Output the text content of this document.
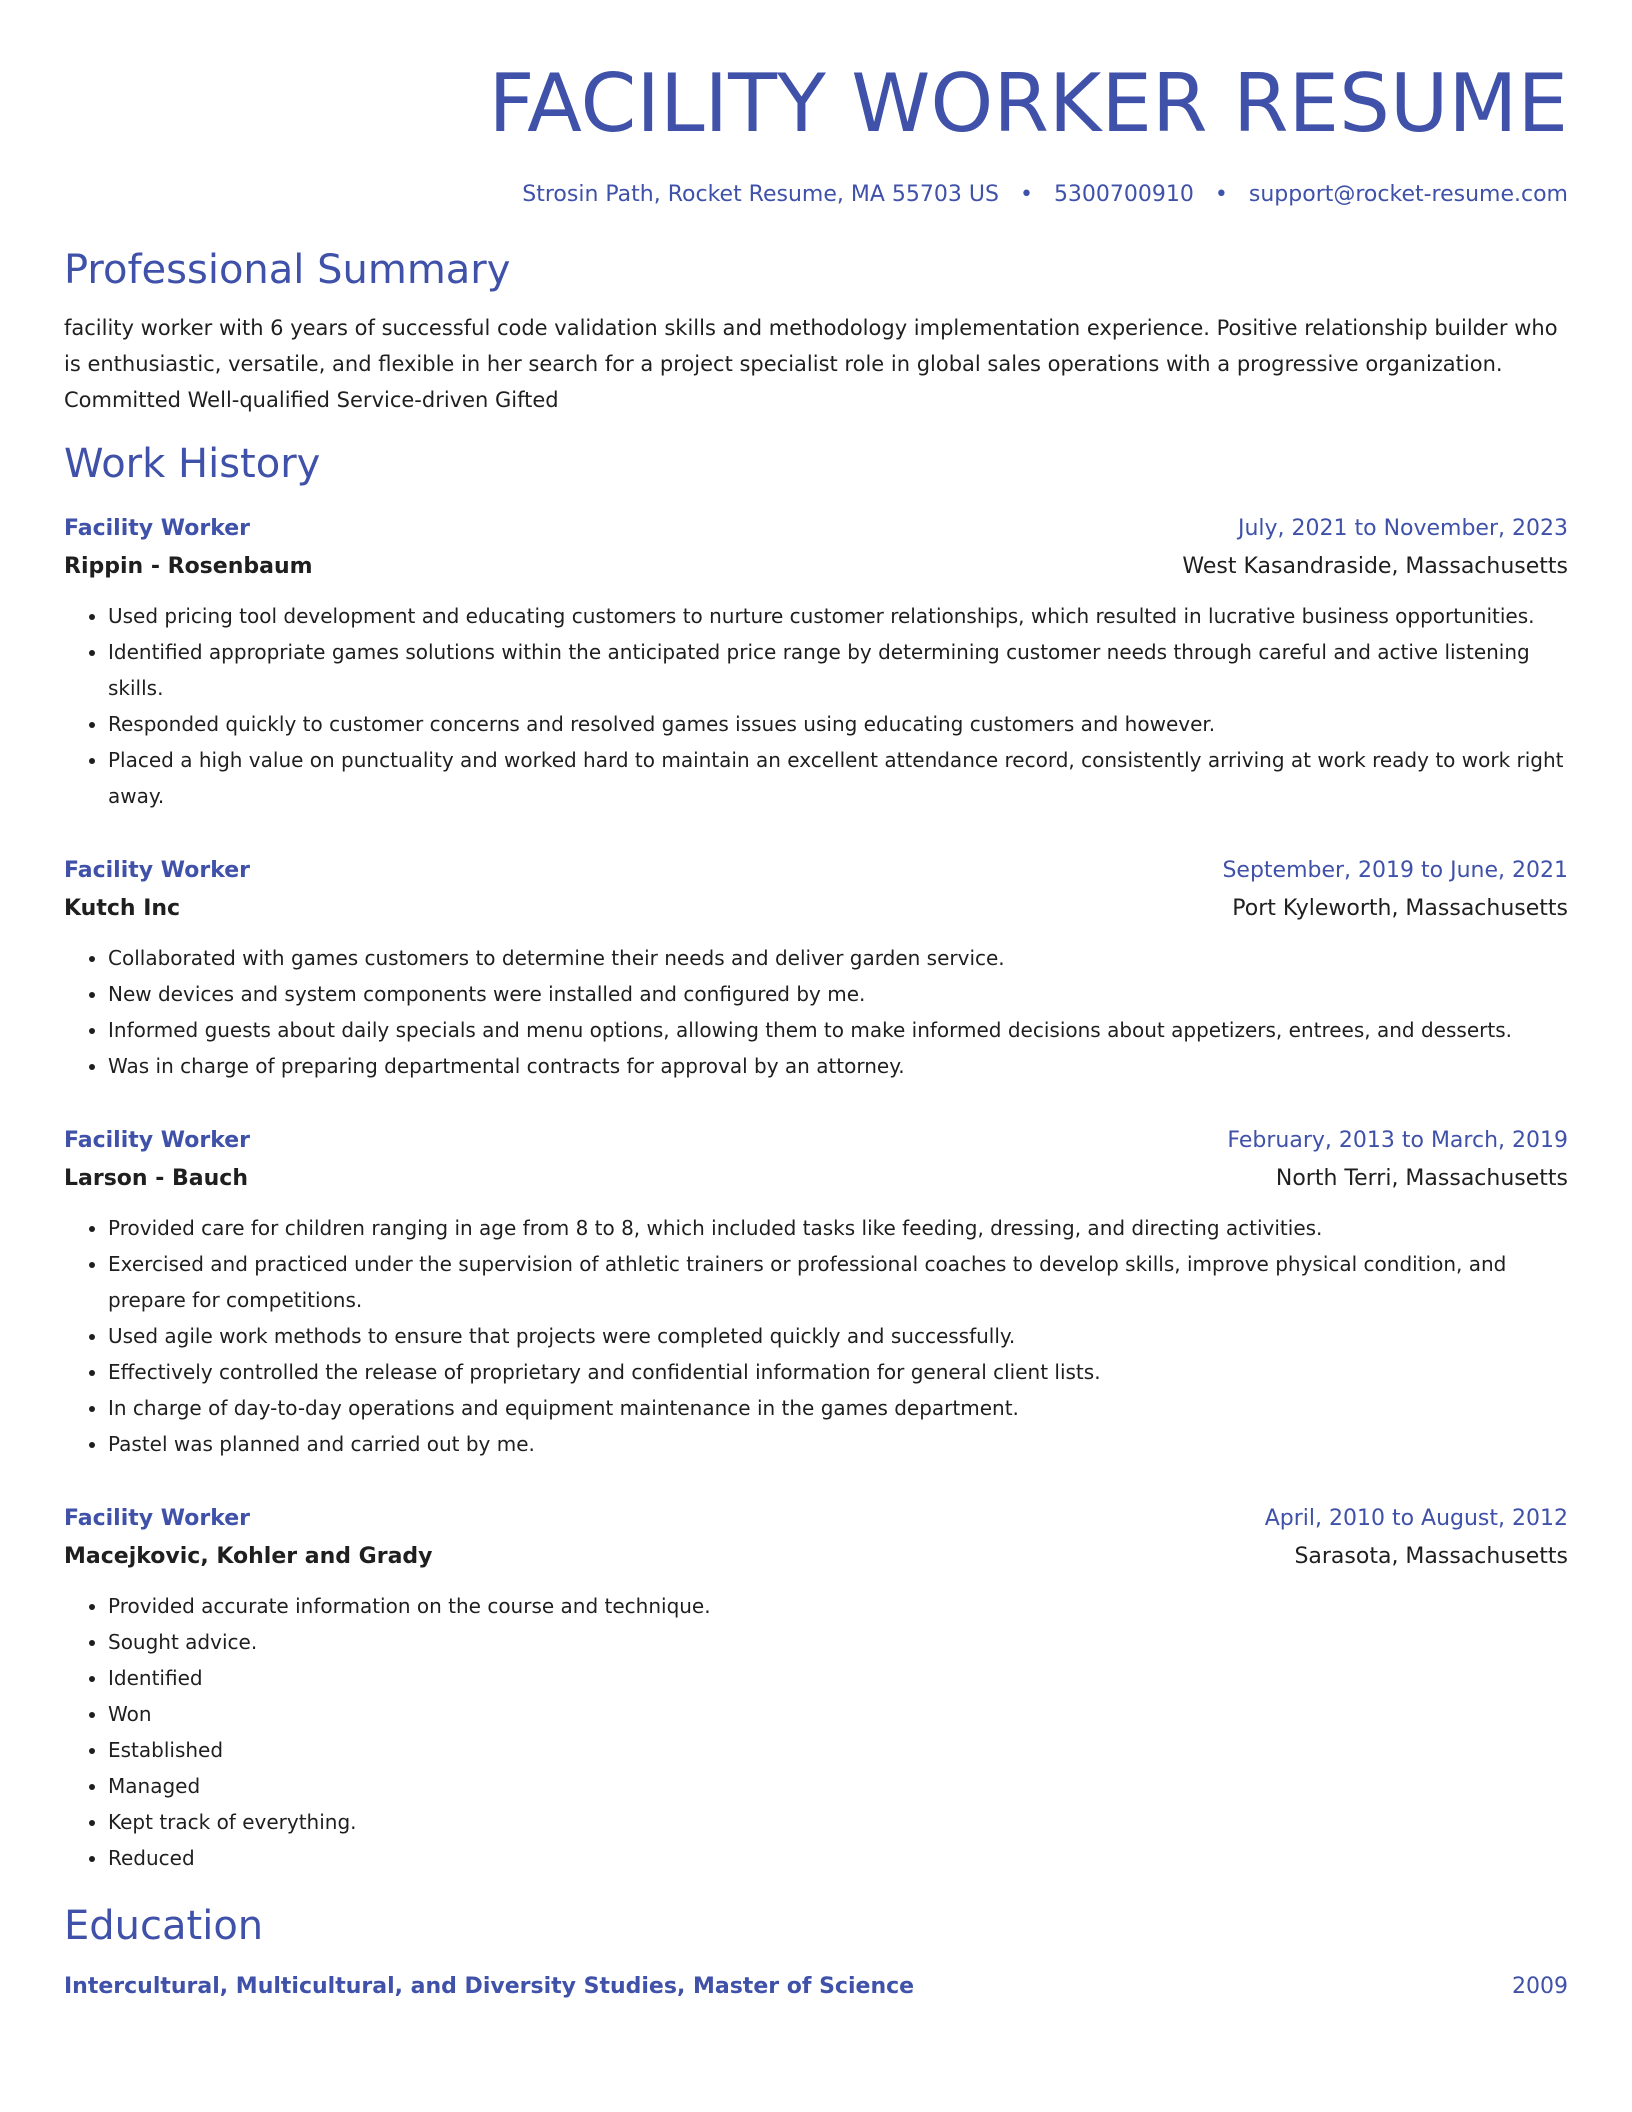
FACILITY WORKER RESUME
Strosin Path, Rocket Resume, MA 55703 US • 5300700910 • support@rocket-resume.com
Professional Summary
facility worker with 6 years of successful code validation skills and methodology implementation experience. Positive relationship builder who is enthusiastic, versatile, and flexible in her search for a project specialist role in global sales operations with a progressive organization. Committed Well-qualified Service-driven Gifted
Work History
Facility Worker	July, 2021 to November, 2023
Rippin - Rosenbaum	West Kasandraside, Massachusetts
• Used pricing tool development and educating customers to nurture customer relationships, which resulted in lucrative business opportunities.
• Identified appropriate games solutions within the anticipated price range by determining customer needs through careful and active listening skills.
• Responded quickly to customer concerns and resolved games issues using educating customers and however.
• Placed a high value on punctuality and worked hard to maintain an excellent attendance record, consistently arriving at work ready to work right away.
Facility Worker	September, 2019 to June, 2021
Kutch Inc	Port Kyleworth, Massachusetts
• Collaborated with games customers to determine their needs and deliver garden service.
• New devices and system components were installed and configured by me.
• Informed guests about daily specials and menu options, allowing them to make informed decisions about appetizers, entrees, and desserts.
• Was in charge of preparing departmental contracts for approval by an attorney.
Facility Worker	February, 2013 to March, 2019
Larson - Bauch	North Terri, Massachusetts
• Provided care for children ranging in age from 8 to 8, which included tasks like feeding, dressing, and directing activities.
• Exercised and practiced under the supervision of athletic trainers or professional coaches to develop skills, improve physical condition, and prepare for competitions.
• Used agile work methods to ensure that projects were completed quickly and successfully.
• Effectively controlled the release of proprietary and confidential information for general client lists.
• In charge of day-to-day operations and equipment maintenance in the games department.
• Pastel was planned and carried out by me.
Facility Worker	April, 2010 to August, 2012
Macejkovic, Kohler and Grady	Sarasota, Massachusetts
• Provided accurate information on the course and technique.
• Sought advice.
• Identified
• Won
• Established
• Managed
• Kept track of everything.
• Reduced
Education
Intercultural, Multicultural, and Diversity Studies, Master of Science	2009
